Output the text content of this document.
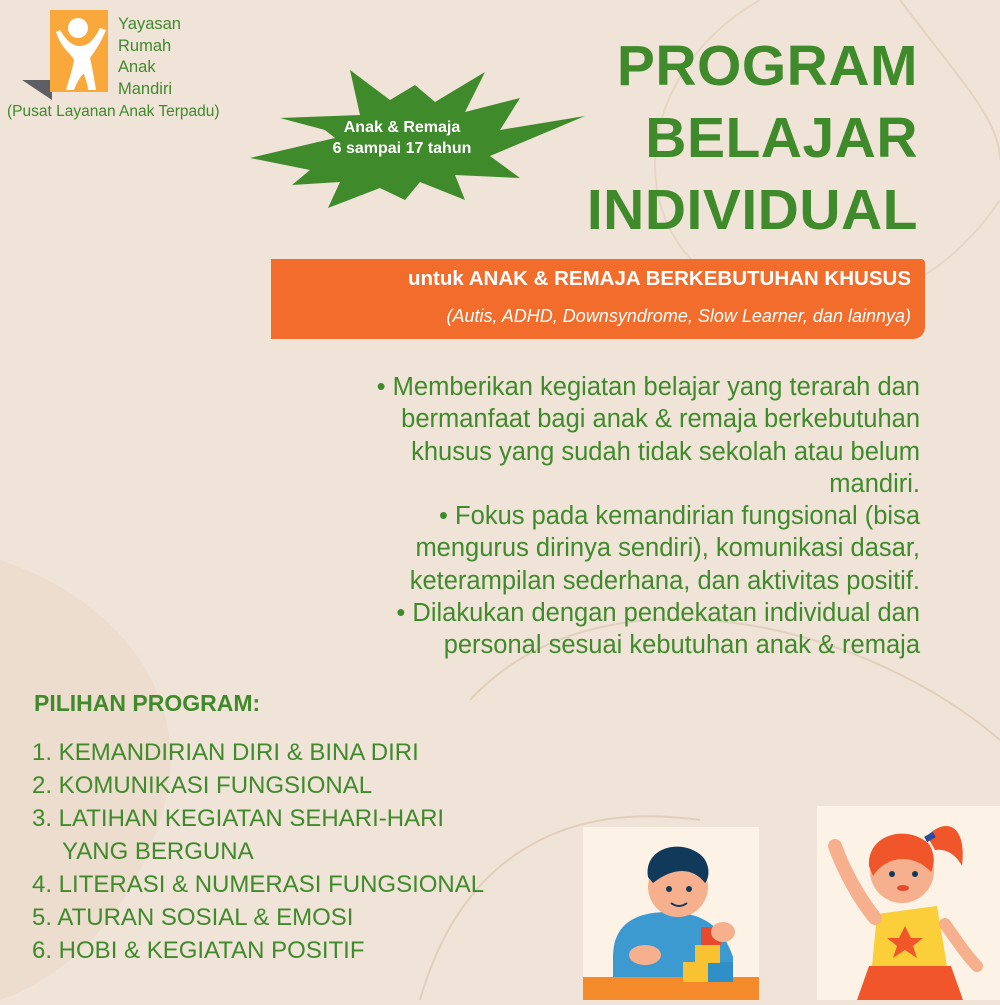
Yayasan
Rumah
Anak
Mandiri
(Pusat Layanan Anak Terpadu)
Anak & Remaja
6 sampai 17 tahun
PROGRAM
BELAJAR
INDIVIDUAL
untuk ANAK & REMAJA BERKEBUTUHAN KHUSUS
(Autis, ADHD, Downsyndrome, Slow Learner, dan lainnya)

• Memberikan kegiatan belajar yang terarah dan

bermanfaat bagi anak & remaja berkebutuhan

khusus yang sudah tidak sekolah atau belum

mandiri.

• Fokus pada kemandirian fungsional (bisa

mengurus dirinya sendiri), komunikasi dasar,

keterampilan sederhana, dan aktivitas positif.

• Dilakukan dengan pendekatan individual dan

personal sesuai kebutuhan anak & remaja

PILIHAN PROGRAM:
1. KEMANDIRIAN DIRI & BINA DIRI
2. KOMUNIKASI FUNGSIONAL
3. LATIHAN KEGIATAN SEHARI-HARI
YANG BERGUNA
4. LITERASI & NUMERASI FUNGSIONAL
5. ATURAN SOSIAL & EMOSI
6. HOBI & KEGIATAN POSITIF
